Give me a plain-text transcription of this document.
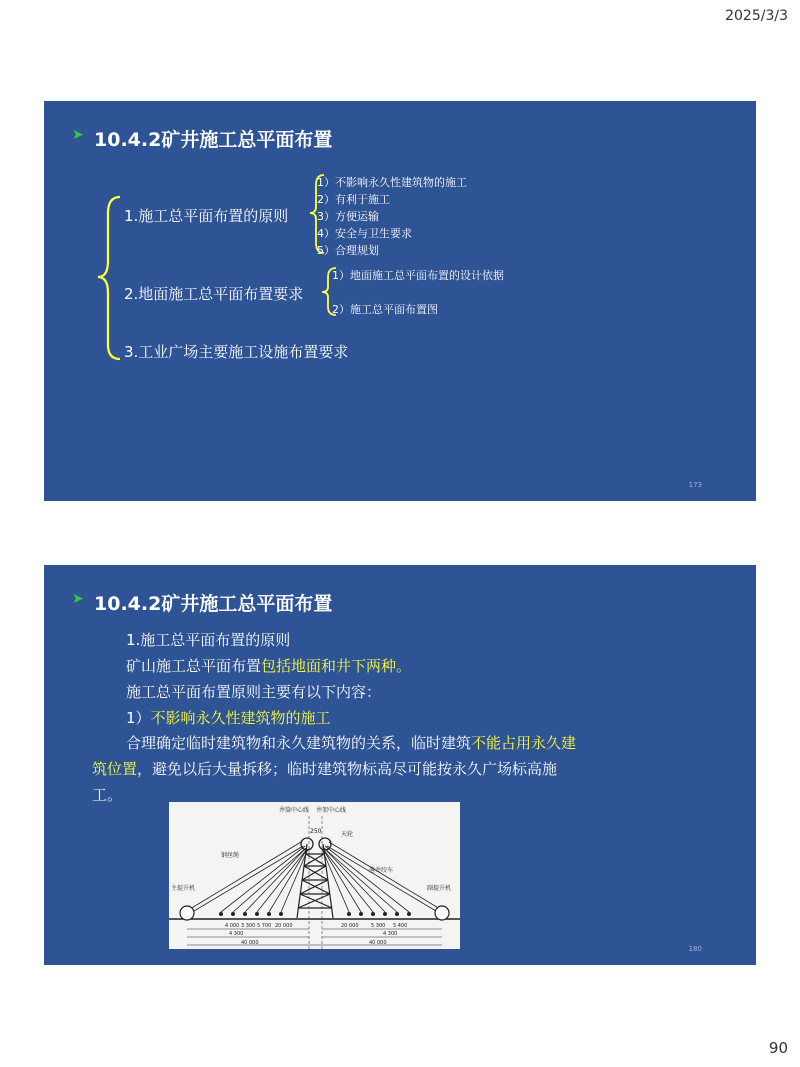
2025/3/3
➤ 10.4.2矿井施工总平面布置
1.施工总平面布置的原则
1）不影响永久性建筑物的施工
2）有利于施工
3）方便运输
4）安全与卫生要求
5）合理规划
2.地面施工总平面布置要求
1）地面施工总平面布置的设计依据
2）施工总平面布置图
3.工业广场主要施工设施布置要求
173
➤ 10.4.2矿井施工总平面布置
1.施工总平面布置的原则
矿山施工总平面布置包括地面和井下两种。
施工总平面布置原则主要有以下内容：
1）不影响永久性建筑物的施工
合理确定临时建筑物和永久建筑物的关系，临时建筑不能占用永久建筑位置，避免以后大量拆移；临时建筑物标高尽可能按永久广场标高施工。
井筒中心线 井架中心线
250	天轮
钢丝绳
主提升机
凿井绞车
副提升机
4 000 3 300 5 700 20 000	20 000	5 300 5 400
4 300	4 300
40 000	40 000
180
90
